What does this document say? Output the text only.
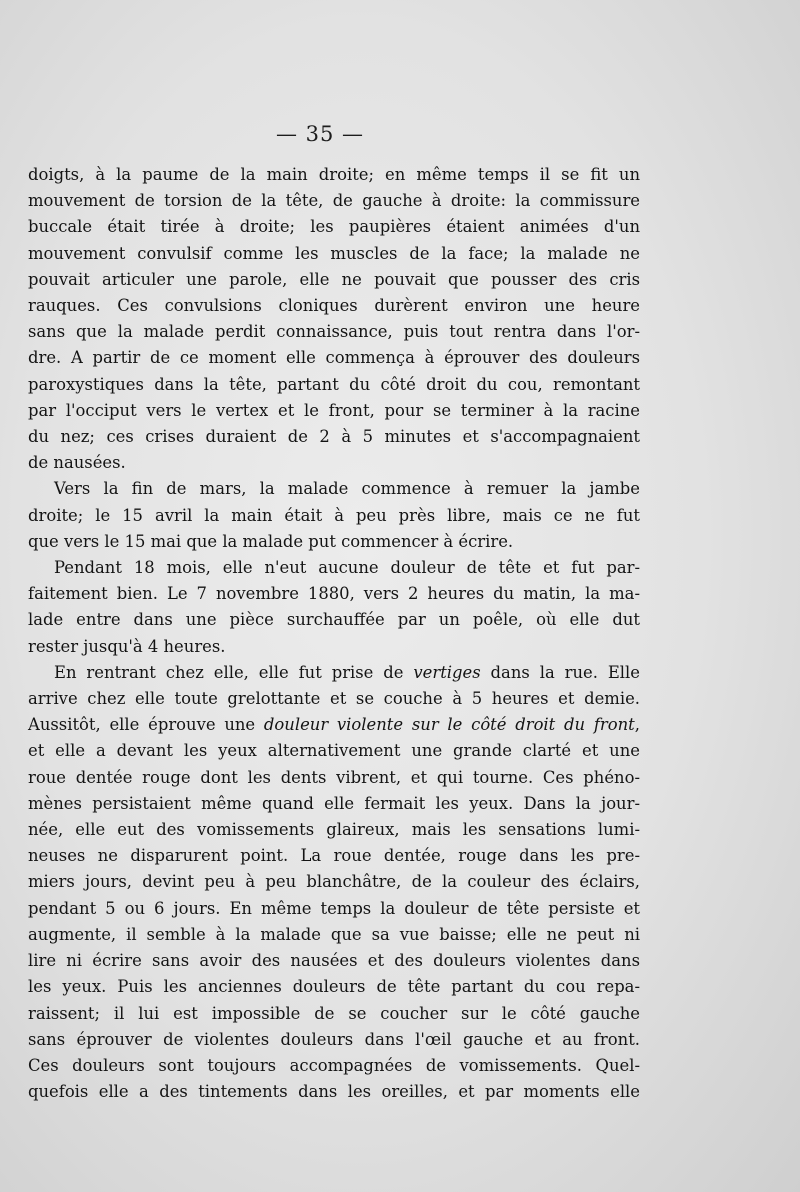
— 35 —

doigts, à la paume de la main droite; en même temps il se fit un
mouvement de torsion de la tête, de gauche à droite: la commissure
buccale était tirée à droite; les paupières étaient animées d'un
mouvement convulsif comme les muscles de la face; la malade ne
pouvait articuler une parole, elle ne pouvait que pousser des cris
rauques. Ces convulsions cloniques durèrent environ une heure
sans que la malade perdit connaissance, puis tout rentra dans l'or-
dre. A partir de ce moment elle commença à éprouver des douleurs
paroxystiques dans la tête, partant du côté droit du cou, remontant
par l'occiput vers le vertex et le front, pour se terminer à la racine
du nez; ces crises duraient de 2 à 5 minutes et s'accompagnaient
de nausées.

Vers la fin de mars, la malade commence à remuer la jambe
droite; le 15 avril la main était à peu près libre, mais ce ne fut
que vers le 15 mai que la malade put commencer à écrire.

Pendant 18 mois, elle n'eut aucune douleur de tête et fut par-
faitement bien. Le 7 novembre 1880, vers 2 heures du matin, la ma-
lade entre dans une pièce surchauffée par un poêle, où elle dut
rester jusqu'à 4 heures.

En rentrant chez elle, elle fut prise de vertiges dans la rue. Elle
arrive chez elle toute grelottante et se couche à 5 heures et demie.
Aussitôt, elle éprouve une douleur violente sur le côté droit du front,
et elle a devant les yeux alternativement une grande clarté et une
roue dentée rouge dont les dents vibrent, et qui tourne. Ces phéno-
mènes persistaient même quand elle fermait les yeux. Dans la jour-
née, elle eut des vomissements glaireux, mais les sensations lumi-
neuses ne disparurent point. La roue dentée, rouge dans les pre-
miers jours, devint peu à peu blanchâtre, de la couleur des éclairs,
pendant 5 ou 6 jours. En même temps la douleur de tête persiste et
augmente, il semble à la malade que sa vue baisse; elle ne peut ni
lire ni écrire sans avoir des nausées et des douleurs violentes dans
les yeux. Puis les anciennes douleurs de tête partant du cou repa-
raissent; il lui est impossible de se coucher sur le côté gauche
sans éprouver de violentes douleurs dans l'œil gauche et au front.
Ces douleurs sont toujours accompagnées de vomissements. Quel-
quefois elle a des tintements dans les oreilles, et par moments elle
